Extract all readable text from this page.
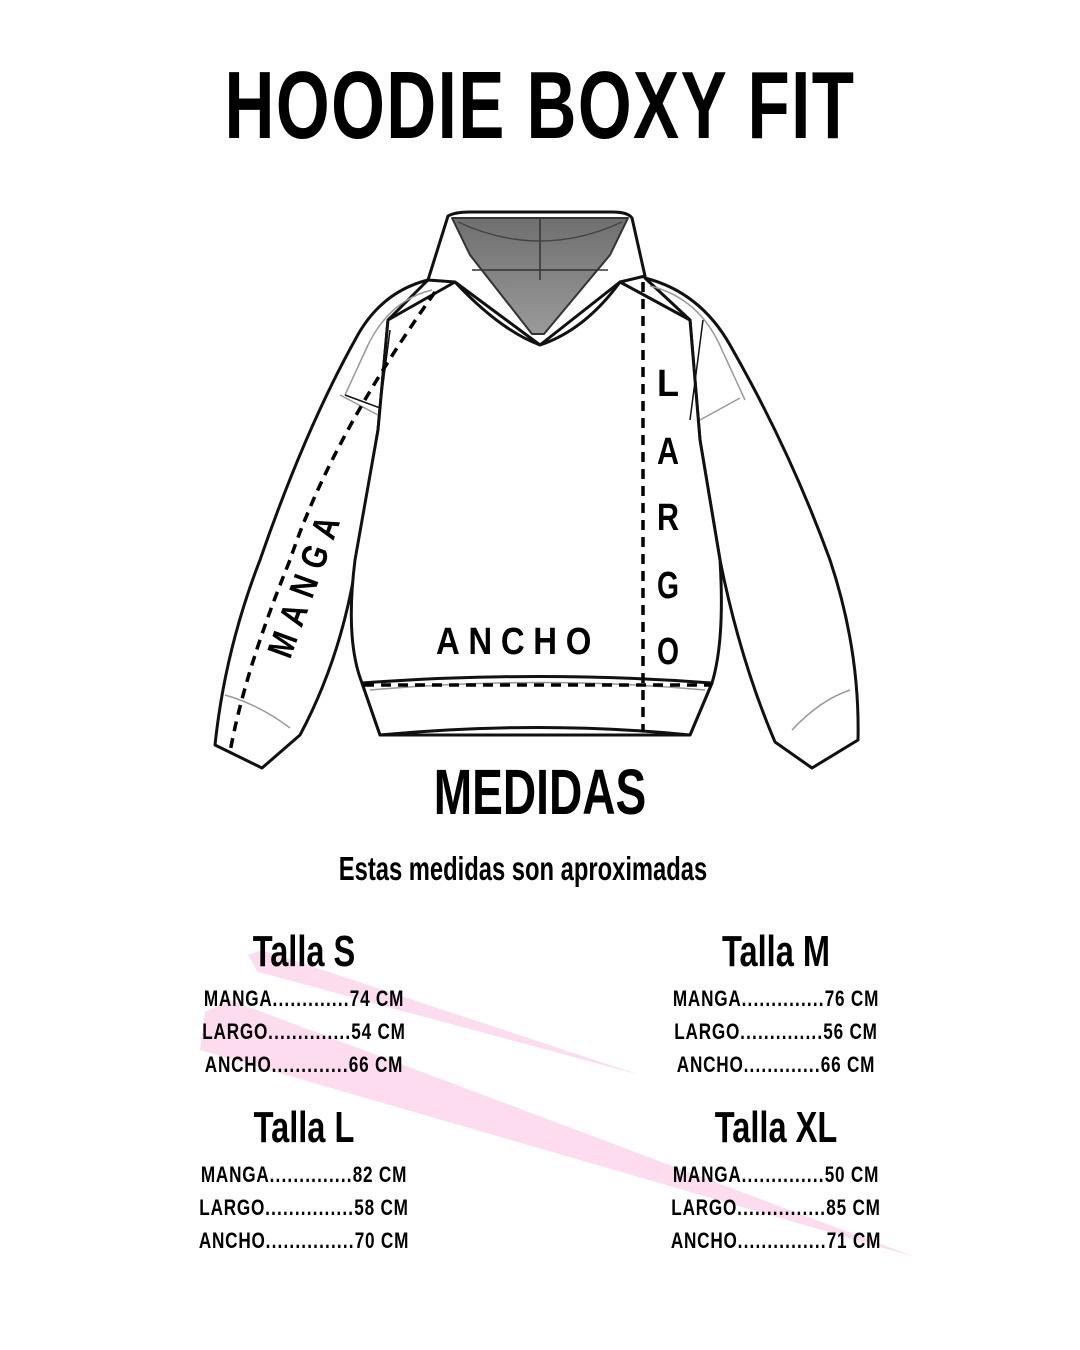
HOODIE BOXY FIT
MANGA ANCHO
L
A
R
G
O
MEDIDAS
Estas medidas son aproximadas
Talla S
MANGA.............74 CM
LARGO..............54 CM
ANCHO.............66 CM
Talla M
MANGA..............76 CM
LARGO..............56 CM
ANCHO.............66 CM
Talla L
MANGA..............82 CM
LARGO...............58 CM
ANCHO...............70 CM
Talla XL
MANGA..............50 CM
LARGO...............85 CM
ANCHO...............71 CM
